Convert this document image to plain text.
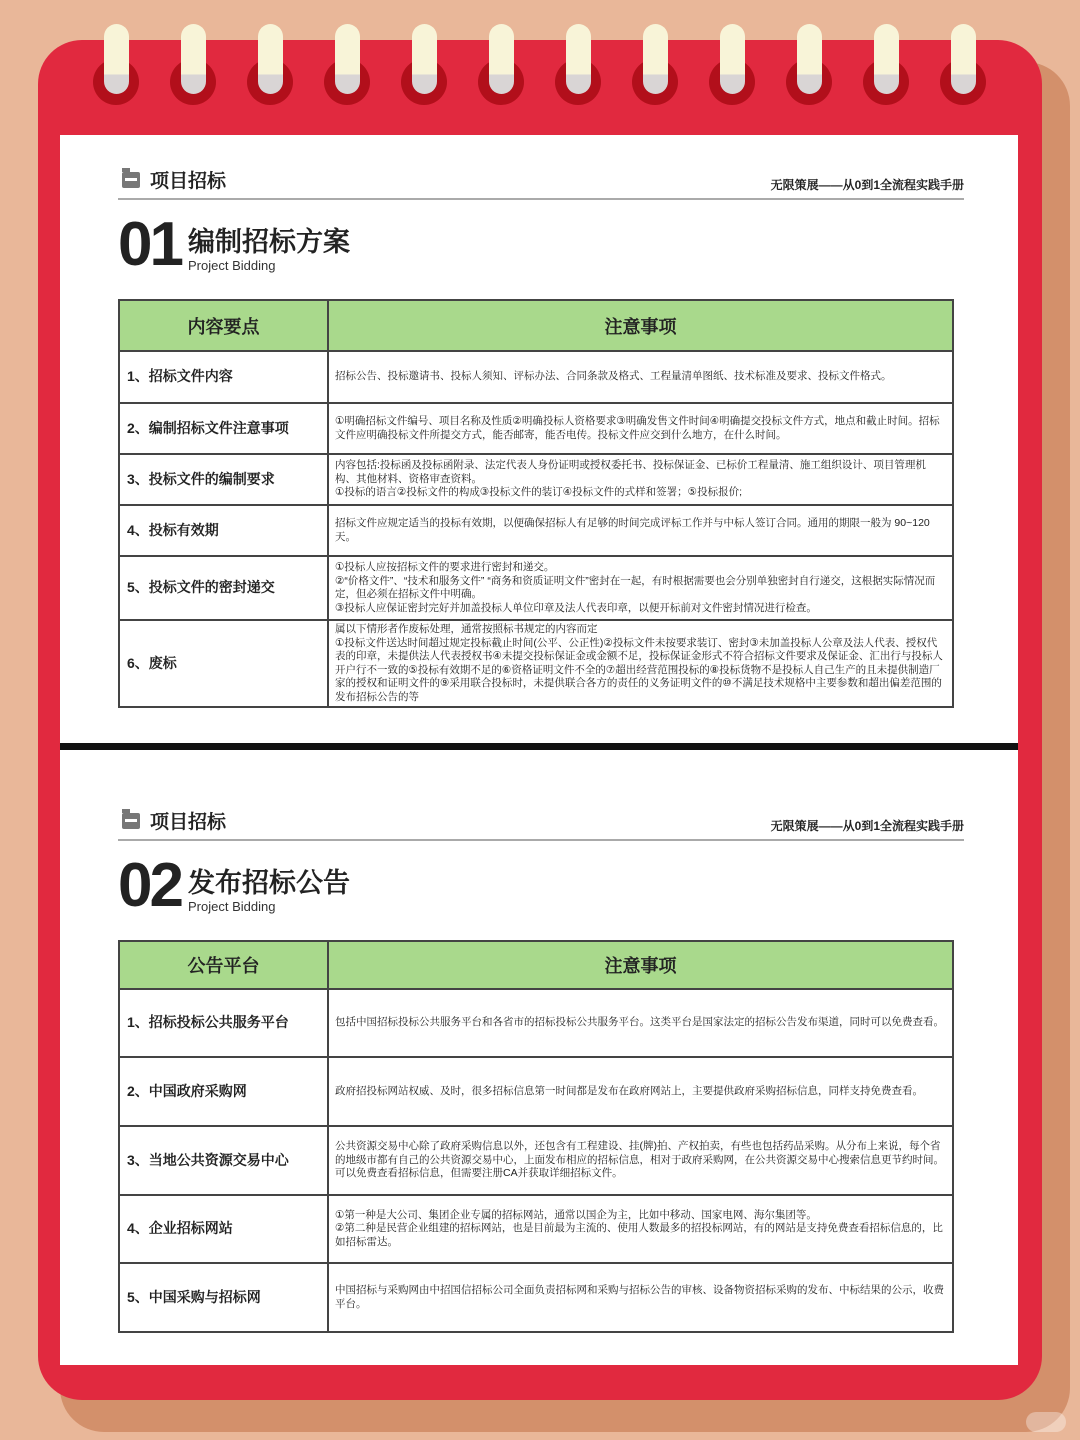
项目招标	无限策展——从0到1全流程实践手册
01 编制招标方案
Project Bidding
内容要点	注意事项
1、招标文件内容	招标公告、投标邀请书、投标人须知、评标办法、合同条款及格式、工程量清单图纸、技术标准及要求、投标文件格式。
2、编制招标文件注意事项	①明确招标文件编号、项目名称及性质②明确投标人资格要求③明确发售文件时间④明确提交投标文件方式，地点和截止时间。招标文件应明确投标文件所提交方式，能否邮寄，能否电传。投标文件应交到什么地方，在什么时间。
3、投标文件的编制要求	内容包括:投标函及投标函附录、法定代表人身份证明或授权委托书、投标保证金、已标价工程量清、施工组织设计、项目管理机构、其他材料、资格审查资料。
①投标的语言②投标文件的构成③投标文件的装订④投标文件的式样和签署；⑤投标报价;
4、投标有效期	招标文件应规定适当的投标有效期，以便确保招标人有足够的时间完成评标工作并与中标人签订合同。通用的期限一般为 90~120天。
5、投标文件的密封递交	①投标人应按招标文件的要求进行密封和递交。
②“价格文件”、“技术和服务文件” “商务和资质证明文件”密封在一起，有时根据需要也会分别单独密封自行递交，这根据实际情况而定，但必须在招标文件中明确。
③投标人应保证密封完好并加盖投标人单位印章及法人代表印章，以便开标前对文件密封情况进行检查。
6、废标	属以下情形者作废标处理，通常按照标书规定的内容而定
①投标文件送达时间超过规定投标截止时间(公平、公正性)②投标文件未按要求装订、密封③未加盖投标人公章及法人代表、授权代表的印章，未提供法人代表授权书④未提交投标保证金或金额不足，投标保证金形式不符合招标文件要求及保证金、汇出行与投标人开户行不一致的⑤投标有效期不足的⑥资格证明文件不全的⑦超出经营范围投标的⑧投标货物不是投标人自己生产的且未提供制造厂家的授权和证明文件的⑨采用联合投标时，未提供联合各方的责任的义务证明文件的⑩不满足技术规格中主要参数和超出偏差范围的发布招标公告的等
项目招标	无限策展——从0到1全流程实践手册
02 发布招标公告
Project Bidding
公告平台	注意事项
1、招标投标公共服务平台	包括中国招标投标公共服务平台和各省市的招标投标公共服务平台。这类平台是国家法定的招标公告发布渠道，同时可以免费查看。
2、中国政府采购网	政府招投标网站权威、及时，很多招标信息第一时间都是发布在政府网站上，主要提供政府采购招标信息，同样支持免费查看。
3、当地公共资源交易中心	公共资源交易中心除了政府采购信息以外，还包含有工程建设、挂(牌)拍、产权拍卖，有些也包括药品采购。从分布上来说，每个省的地级市都有自己的公共资源交易中心，上面发布相应的招标信息，相对于政府采购网，在公共资源交易中心搜索信息更节约时间。
可以免费查看招标信息，但需要注册CA并获取详细招标文件。
4、企业招标网站	①第一种是大公司、集团企业专属的招标网站，通常以国企为主，比如中移动、国家电网、海尔集团等。
②第二种是民营企业组建的招标网站，也是目前最为主流的、使用人数最多的招投标网站，有的网站是支持免费查看招标信息的，比如招标雷达。
5、中国采购与招标网	中国招标与采购网由中招国信招标公司全面负责招标网和采购与招标公告的审核、设备物资招标采购的发布、中标结果的公示，收费平台。
